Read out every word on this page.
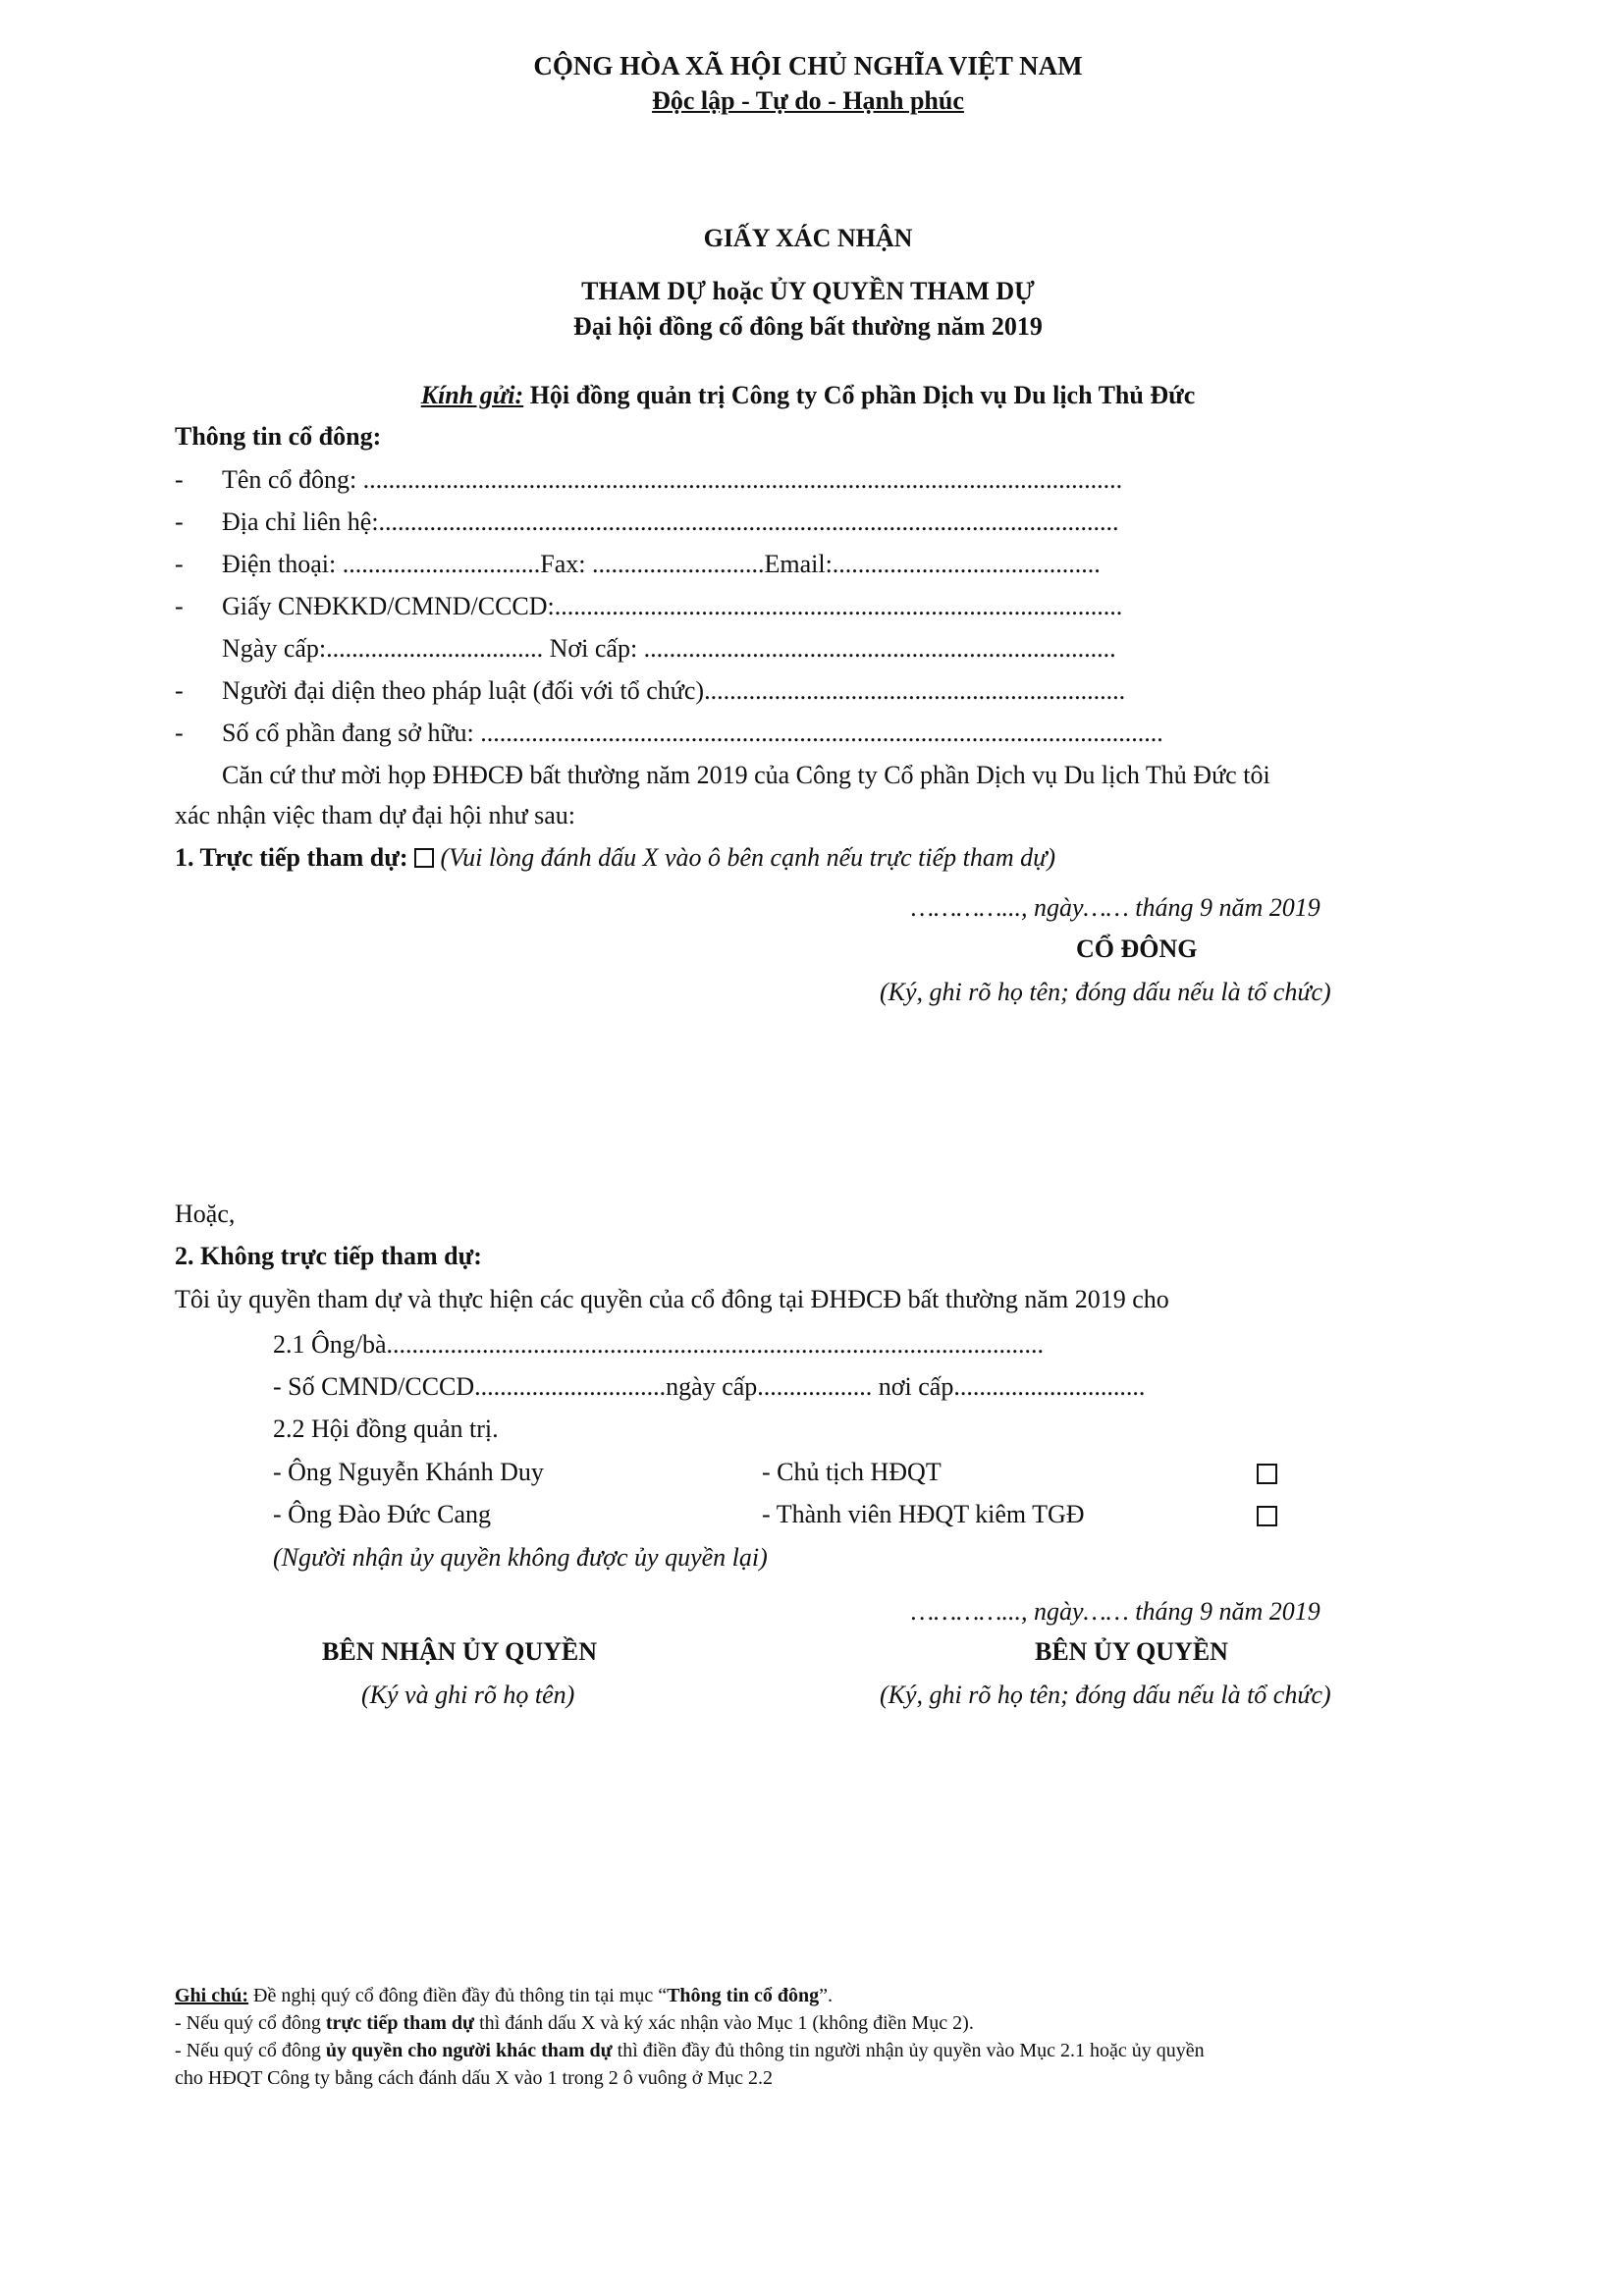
CỘNG HÒA XÃ HỘI CHỦ NGHĨA VIỆT NAM
Độc lập - Tự do - Hạnh phúc
GIẤY XÁC NHẬN
THAM DỰ hoặc ỦY QUYỀN THAM DỰ
Đại hội đồng cổ đông bất thường năm 2019
Kính gửi: Hội đồng quản trị Công ty Cổ phần Dịch vụ Du lịch Thủ Đức
Thông tin cổ đông:
- Tên cổ đông: .......................................................................................................................
- Địa chỉ liên hệ:....................................................................................................................
- Điện thoại: ...............................Fax: ...........................Email:..........................................
- Giấy CNĐKKD/CMND/CCCD:.........................................................................................
Ngày cấp:.................................. Nơi cấp: ..........................................................................
- Người đại diện theo pháp luật (đối với tổ chức)..................................................................
- Số cổ phần đang sở hữu: ...........................................................................................................
Căn cứ thư mời họp ĐHĐCĐ bất thường năm 2019 của Công ty Cổ phần Dịch vụ Du lịch Thủ Đức tôi
xác nhận việc tham dự đại hội như sau:
1. Trực tiếp tham dự: (Vui lòng đánh dấu X vào ô bên cạnh nếu trực tiếp tham dự)
…………..., ngày…… tháng 9 năm 2019
CỔ ĐÔNG
(Ký, ghi rõ họ tên; đóng dấu nếu là tổ chức)
Hoặc,
2. Không trực tiếp tham dự:
Tôi ủy quyền tham dự và thực hiện các quyền của cổ đông tại ĐHĐCĐ bất thường năm 2019 cho
2.1 Ông/bà.......................................................................................................
- Số CMND/CCCD..............................ngày cấp.................. nơi cấp..............................
2.2 Hội đồng quản trị.
- Ông Nguyễn Khánh Duy	- Chủ tịch HĐQT
- Ông Đào Đức Cang	- Thành viên HĐQT kiêm TGĐ
(Người nhận ủy quyền không được ủy quyền lại)
…………..., ngày…… tháng 9 năm 2019
BÊN NHẬN ỦY QUYỀN	BÊN ỦY QUYỀN
(Ký và ghi rõ họ tên)	(Ký, ghi rõ họ tên; đóng dấu nếu là tổ chức)
Ghi chú: Đề nghị quý cổ đông điền đầy đủ thông tin tại mục “Thông tin cổ đông”.
- Nếu quý cổ đông trực tiếp tham dự thì đánh dấu X và ký xác nhận vào Mục 1 (không điền Mục 2).
- Nếu quý cổ đông ủy quyền cho người khác tham dự thì điền đầy đủ thông tin người nhận ủy quyền vào Mục 2.1 hoặc ủy quyền
cho HĐQT Công ty bằng cách đánh dấu X vào 1 trong 2 ô vuông ở Mục 2.2
